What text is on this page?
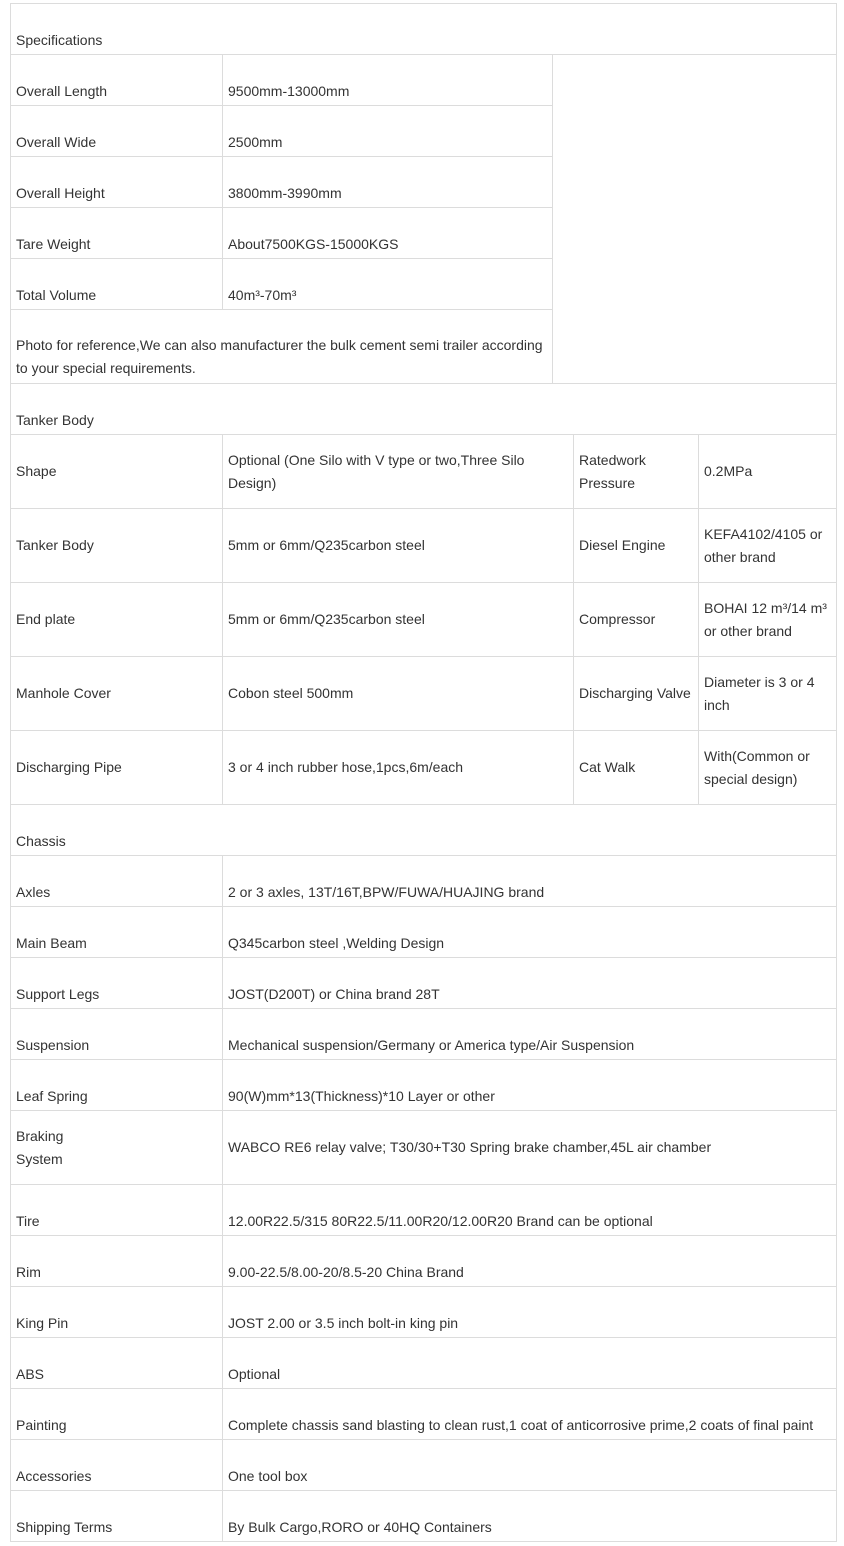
Specifications				
Overall Length	9500mm-13000mm			
Overall Wide	2500mm			
Overall Height	3800mm-3990mm			
Tare Weight	About7500KGS-15000KGS			
Total Volume	40m³-70m³			
Photo for reference,We can also manufacturer the bulk cement semi trailer according to your special requirements.				
Tanker Body				
Shape	Optional (One Silo with V type or two,Three Silo Design)		Ratedwork Pressure	0.2MPa
Tanker Body	5mm or 6mm/Q235carbon steel		Diesel Engine	KEFA4102/4105 or other brand
End plate	5mm or 6mm/Q235carbon steel		Compressor	BOHAI 12 m³/14 m³ or other brand
Manhole Cover	Cobon steel 500mm		Discharging Valve	Diameter is 3 or 4 inch
Discharging Pipe	3 or 4 inch rubber hose,1pcs,6m/each		Cat Walk	With(Common or special design)
Chassis				
Axles	2 or 3 axles, 13T/16T,BPW/FUWA/HUAJING brand			
Main Beam	Q345carbon steel ,Welding Design			
Support Legs	JOST(D200T) or China brand 28T			
Suspension	Mechanical suspension/Germany or America type/Air Suspension			
Leaf Spring	90(W)mm*13(Thickness)*10 Layer or other			
Braking System	WABCO RE6 relay valve; T30/30+T30 Spring brake chamber,45L air chamber			
Tire	12.00R22.5/315 80R22.5/11.00R20/12.00R20 Brand can be optional			
Rim	9.00-22.5/8.00-20/8.5-20 China Brand			
King Pin	JOST 2.00 or 3.5 inch bolt-in king pin			
ABS	Optional			
Painting	Complete chassis sand blasting to clean rust,1 coat of anticorrosive prime,2 coats of final paint			
Accessories	One tool box			
Shipping Terms	By Bulk Cargo,RORO or 40HQ Containers			
